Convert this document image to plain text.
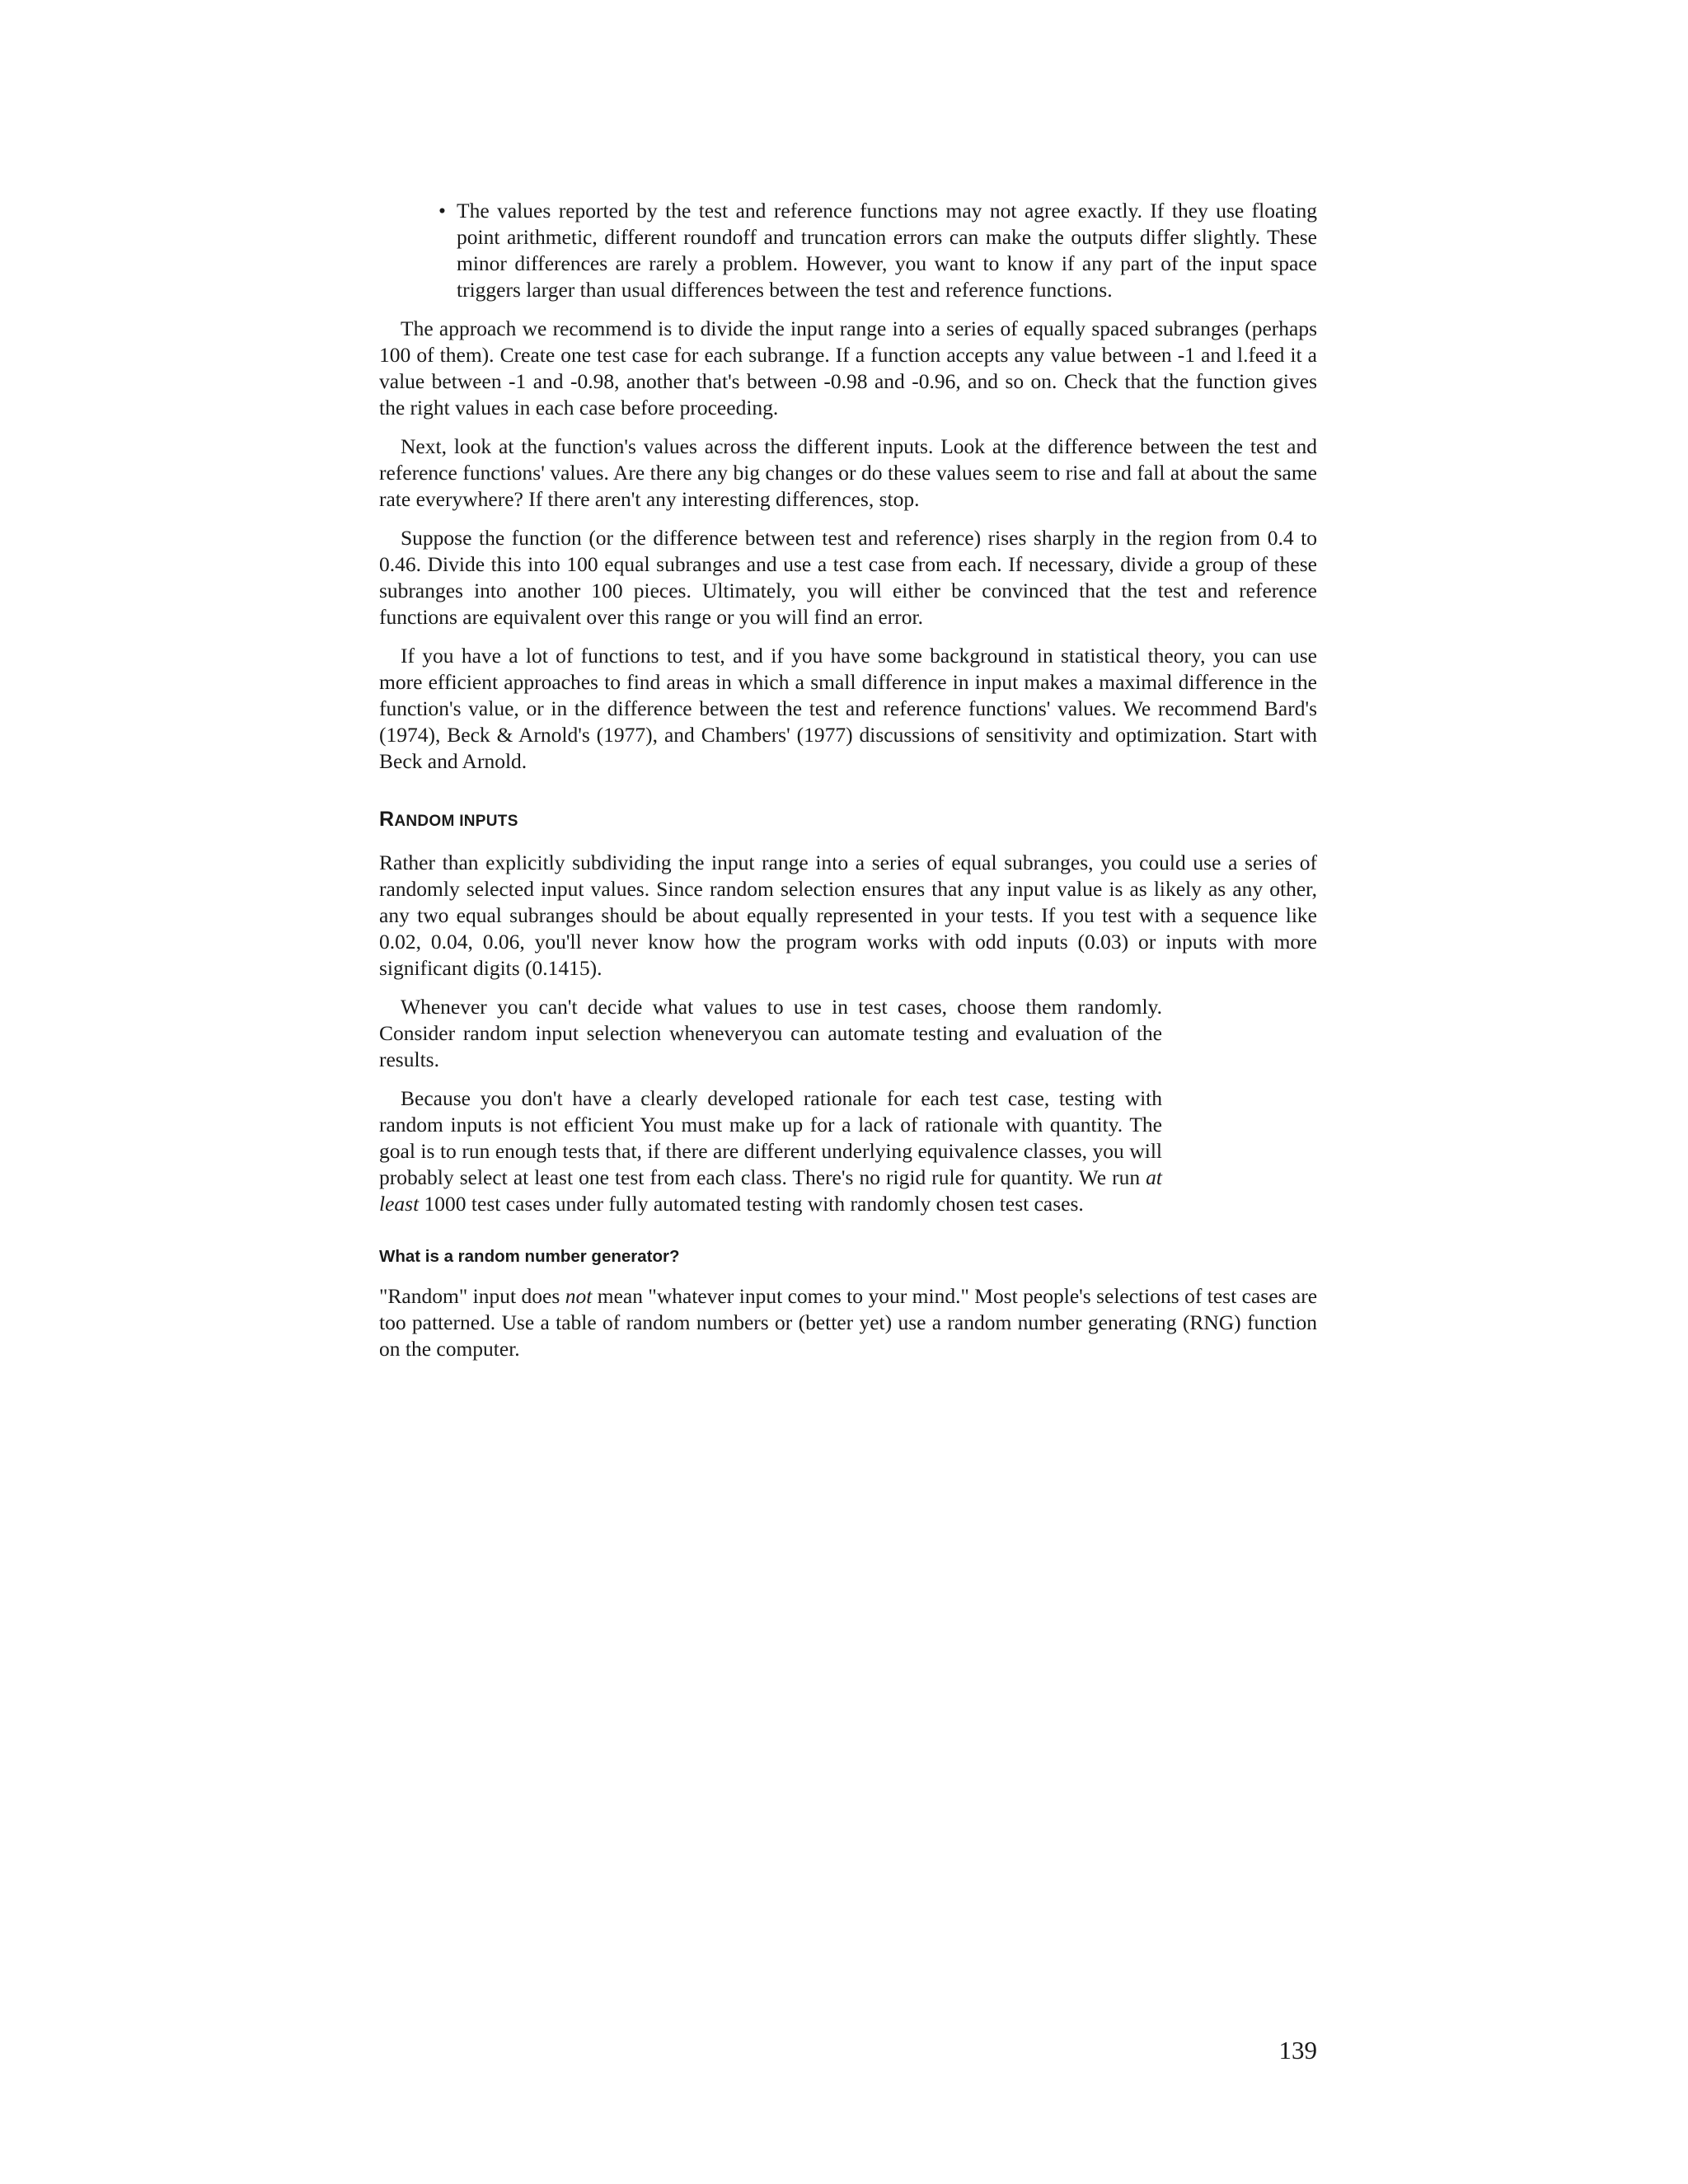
• The values reported by the test and reference functions may not agree exactly. If they use floating point arithmetic, different roundoff and truncation errors can make the outputs differ slightly. These minor differences are rarely a problem. However, you want to know if any part of the input space triggers larger than usual differences between the test and reference functions.

The approach we recommend is to divide the input range into a series of equally spaced subranges (perhaps 100 of them). Create one test case for each subrange. If a function accepts any value between -1 and l.feed it a value between -1 and -0.98, another that's between -0.98 and -0.96, and so on. Check that the function gives the right values in each case before proceeding.

Next, look at the function's values across the different inputs. Look at the difference between the test and reference functions' values. Are there any big changes or do these values seem to rise and fall at about the same rate everywhere? If there aren't any interesting differences, stop.

Suppose the function (or the difference between test and reference) rises sharply in the region from 0.4 to 0.46. Divide this into 100 equal subranges and use a test case from each. If necessary, divide a group of these subranges into another 100 pieces. Ultimately, you will either be convinced that the test and reference functions are equivalent over this range or you will find an error.

If you have a lot of functions to test, and if you have some background in statistical theory, you can use more efficient approaches to find areas in which a small difference in input makes a maximal difference in the function's value, or in the difference between the test and reference functions' values. We recommend Bard's (1974), Beck & Arnold's (1977), and Chambers' (1977) discussions of sensitivity and optimization. Start with Beck and Arnold.

RANDOM INPUTS

Rather than explicitly subdividing the input range into a series of equal subranges, you could use a series of randomly selected input values. Since random selection ensures that any input value is as likely as any other, any two equal subranges should be about equally represented in your tests. If you test with a sequence like 0.02, 0.04, 0.06, you'll never know how the program works with odd inputs (0.03) or inputs with more significant digits (0.1415).

Whenever you can't decide what values to use in test cases, choose them randomly. Consider random input selection wheneveryou can automate testing and evaluation of the results.

Because you don't have a clearly developed rationale for each test case, testing with random inputs is not efficient You must make up for a lack of rationale with quantity. The goal is to run enough tests that, if there are different underlying equivalence classes, you will probably select at least one test from each class. There's no rigid rule for quantity. We run at least 1000 test cases under fully automated testing with randomly chosen test cases.

What is a random number generator?

"Random" input does not mean "whatever input comes to your mind." Most people's selections of test cases are too patterned. Use a table of random numbers or (better yet) use a random number generating (RNG) function on the computer.

139
